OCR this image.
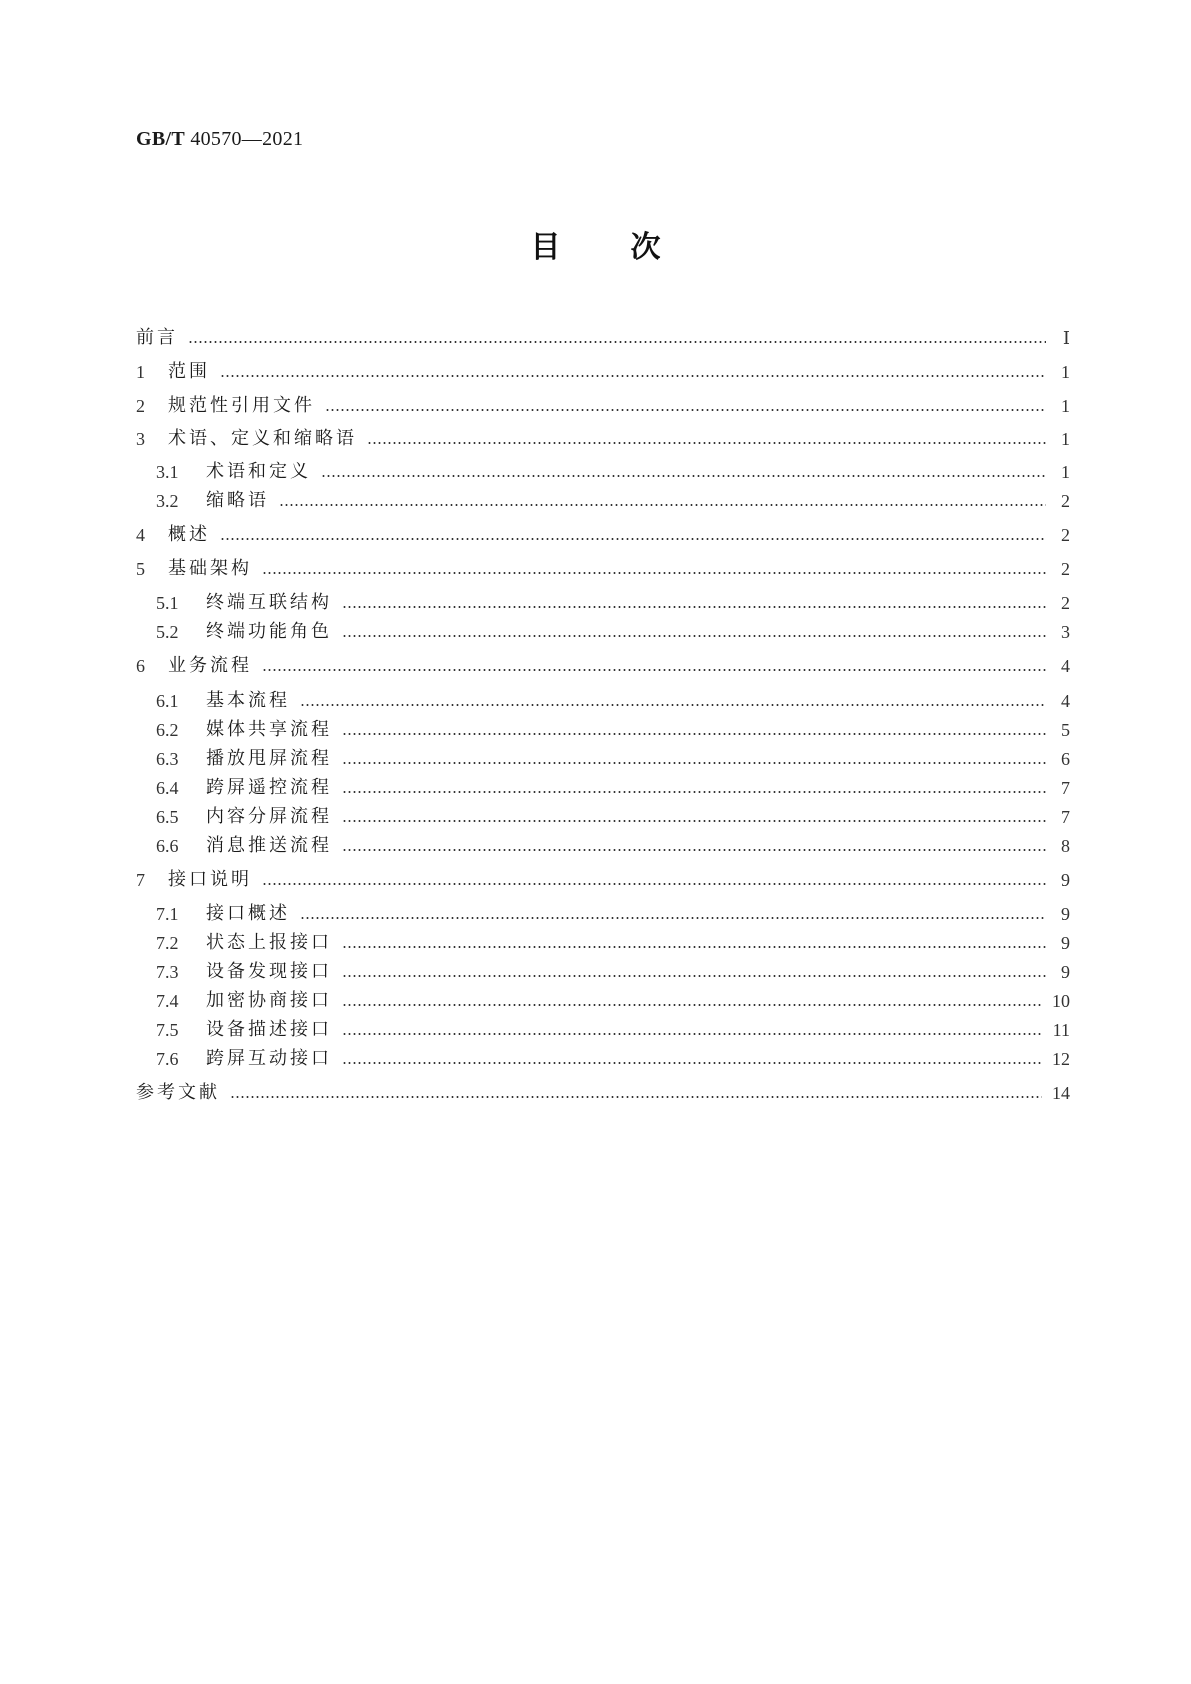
GB/T 40570—2021
目 次
前言	Ⅰ
1	范围	1
2	规范性引用文件	1
3	术语、定义和缩略语	1
3.1	术语和定义	1
3.2	缩略语	2
4	概述	2
5	基础架构	2
5.1	终端互联结构	2
5.2	终端功能角色	3
6	业务流程	4
6.1	基本流程	4
6.2	媒体共享流程	5
6.3	播放甩屏流程	6
6.4	跨屏遥控流程	7
6.5	内容分屏流程	7
6.6	消息推送流程	8
7	接口说明	9
7.1	接口概述	9
7.2	状态上报接口	9
7.3	设备发现接口	9
7.4	加密协商接口	10
7.5	设备描述接口	11
7.6	跨屏互动接口	12
参考文献	14
